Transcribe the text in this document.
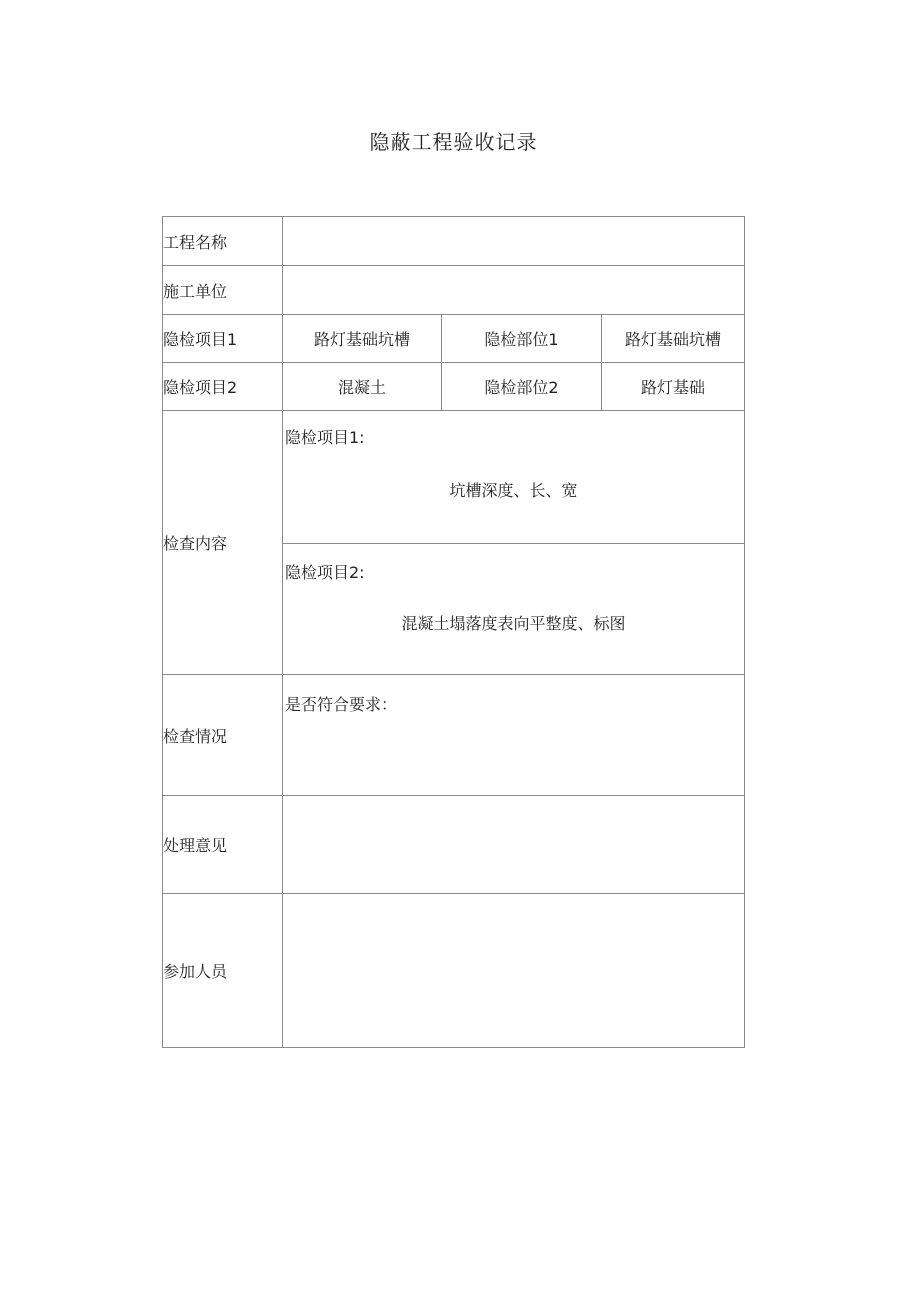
隐蔽工程验收记录
工程名称			
施工单位			
隐检项目1	路灯基础坑槽	隐检部位1	路灯基础坑槽
隐检项目2	混凝土	隐检部位2	路灯基础
检查内容	隐检项目1:
坑槽深度、长、宽		

	隐检项目2:
混凝土塌落度表向平整度、标图		

检查情况	是否符合要求：		

处理意见			
参加人员			
